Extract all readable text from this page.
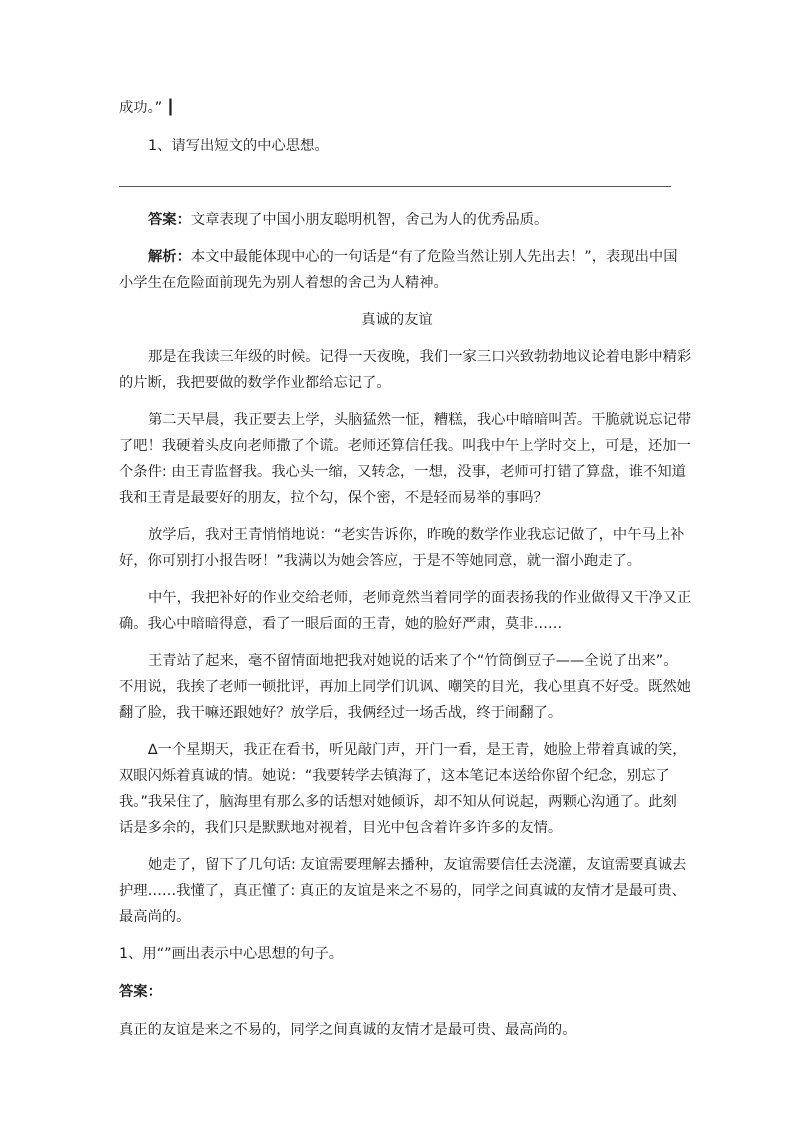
成功。” ┃
1、请写出短文的中心思想。
答案：文章表现了中国小朋友聪明机智，舍己为人的优秀品质。
解析：本文中最能体现中心的一句话是“有了危险当然让别人先出去！”，表现出中国
小学生在危险面前现先为别人着想的舍己为人精神。
真诚的友谊
那是在我读三年级的时候。记得一天夜晚，我们一家三口兴致勃勃地议论着电影中精彩
的片断，我把要做的数学作业都给忘记了。
第二天早晨，我正要去上学，头脑猛然一怔，糟糕，我心中暗暗叫苦。干脆就说忘记带
了吧！我硬着头皮向老师撒了个谎。老师还算信任我。叫我中午上学时交上，可是，还加一
个条件: 由王青监督我。我心头一缩，又转念，一想，没事，老师可打错了算盘，谁不知道
我和王青是最要好的朋友，拉个勾，保个密，不是轻而易举的事吗？
放学后，我对王青悄悄地说：“老实告诉你，昨晚的数学作业我忘记做了，中午马上补
好，你可别打小报告呀！”我满以为她会答应，于是不等她同意，就一溜小跑走了。
中午，我把补好的作业交给老师，老师竟然当着同学的面表扬我的作业做得又干净又正
确。我心中暗暗得意，看了一眼后面的王青，她的脸好严肃，莫非……
王青站了起来，毫不留情面地把我对她说的话来了个“竹筒倒豆子——全说了出来”。
不用说，我挨了老师一顿批评，再加上同学们讥讽、嘲笑的目光，我心里真不好受。既然她
翻了脸，我干嘛还跟她好？放学后，我俩经过一场舌战，终于闹翻了。
∆一个星期天，我正在看书，听见敲门声，开门一看，是王青，她脸上带着真诚的笑，
双眼闪烁着真诚的情。她说：“我要转学去镇海了，这本笔记本送给你留个纪念，别忘了
我。”我呆住了，脑海里有那么多的话想对她倾诉，却不知从何说起，两颗心沟通了。此刻
话是多余的，我们只是默默地对视着，目光中包含着许多许多的友情。
她走了，留下了几句话: 友谊需要理解去播种，友谊需要信任去浇灌，友谊需要真诚去
护理……我懂了，真正懂了: 真正的友谊是来之不易的，同学之间真诚的友情才是最可贵、
最高尚的。
1、用“”画出表示中心思想的句子。
答案：
真正的友谊是来之不易的，同学之间真诚的友情才是最可贵、最高尚的。
